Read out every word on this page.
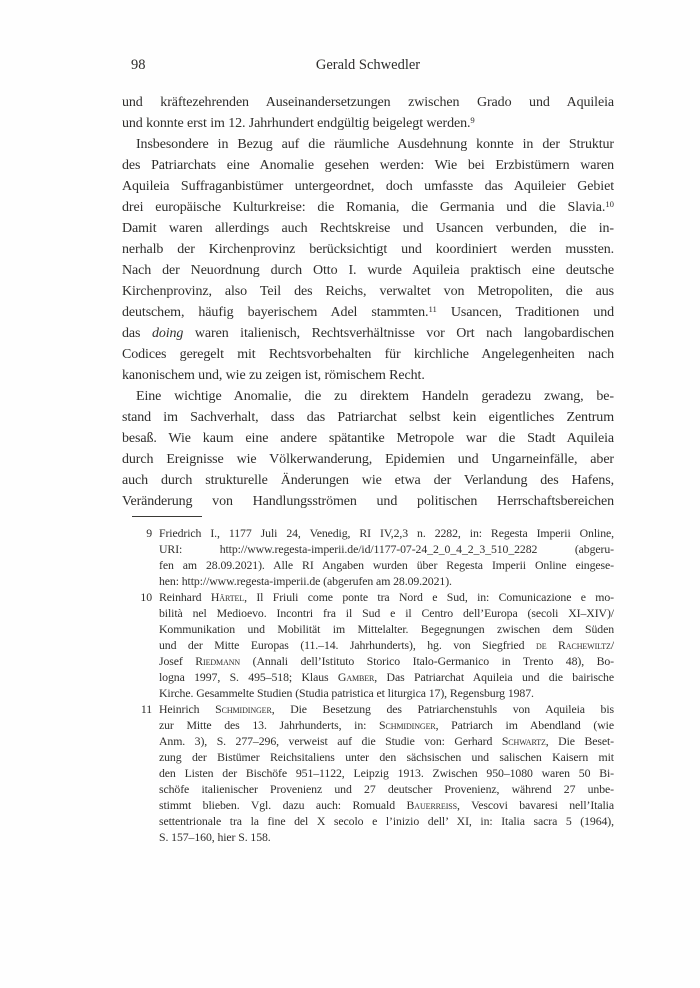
98	Gerald Schwedler
und kräftezehrenden Auseinandersetzungen zwischen Grado und Aquileia
und konnte erst im 12. Jahrhundert endgültig beigelegt werden.$^9$
Insbesondere in Bezug auf die räumliche Ausdehnung konnte in der Struktur
des Patriarchats eine Anomalie gesehen werden: Wie bei Erzbistümern waren
Aquileia Suffraganbistümer untergeordnet, doch umfasste das Aquileier Gebiet
drei europäische Kulturkreise: die Romania, die Germania und die Slavia.$^{10}$
Damit waren allerdings auch Rechtskreise und Usancen verbunden, die in-
nerhalb der Kirchenprovinz berücksichtigt und koordiniert werden mussten.
Nach der Neuordnung durch Otto I. wurde Aquileia praktisch eine deutsche
Kirchenprovinz, also Teil des Reichs, verwaltet von Metropoliten, die aus
deutschem, häufig bayerischem Adel stammten.$^{11}$ Usancen, Traditionen und
das doing waren italienisch, Rechtsverhältnisse vor Ort nach langobardischen
Codices geregelt mit Rechtsvorbehalten für kirchliche Angelegenheiten nach
kanonischem und, wie zu zeigen ist, römischem Recht.
Eine wichtige Anomalie, die zu direktem Handeln geradezu zwang, be-
stand im Sachverhalt, dass das Patriarchat selbst kein eigentliches Zentrum
besaß. Wie kaum eine andere spätantike Metropole war die Stadt Aquileia
durch Ereignisse wie Völkerwanderung, Epidemien und Ungarneinfälle, aber
auch durch strukturelle Änderungen wie etwa der Verlandung des Hafens,
Veränderung von Handlungsströmen und politischen Herrschaftsbereichen
9 Friedrich I., 1177 Juli 24, Venedig, RI IV,2,3 n. 2282, in: Regesta Imperii Online,
URI: http://www.regesta-imperii.de/id/1177-07-24_2_0_4_2_3_510_2282 (abgeru-
fen am 28.09.2021). Alle RI Angaben wurden über Regesta Imperii Online eingese-
hen: http://www.regesta-imperii.de (abgerufen am 28.09.2021).
10 Reinhard Härtel, Il Friuli come ponte tra Nord e Sud, in: Comunicazione e mo-
bilità nel Medioevo. Incontri fra il Sud e il Centro dell’Europa (secoli XI–XIV)/
Kommunikation und Mobilität im Mittelalter. Begegnungen zwischen dem Süden
und der Mitte Europas (11.–14. Jahrhunderts), hg. von Siegfried de Rachewiltz/
Josef Riedmann (Annali dell’Istituto Storico Italo-Germanico in Trento 48), Bo-
logna 1997, S. 495–518; Klaus Gamber, Das Patriarchat Aquileia und die bairische
Kirche. Gesammelte Studien (Studia patristica et liturgica 17), Regensburg 1987.
11 Heinrich Schmidinger, Die Besetzung des Patriarchenstuhls von Aquileia bis
zur Mitte des 13. Jahrhunderts, in: Schmidinger, Patriarch im Abendland (wie
Anm. 3), S. 277–296, verweist auf die Studie von: Gerhard Schwartz, Die Beset-
zung der Bistümer Reichsitaliens unter den sächsischen und salischen Kaisern mit
den Listen der Bischöfe 951–1122, Leipzig 1913. Zwischen 950–1080 waren 50 Bi-
schöfe italienischer Provenienz und 27 deutscher Provenienz, während 27 unbe-
stimmt blieben. Vgl. dazu auch: Romuald Bauerreiss, Vescovi bavaresi nell’Italia
settentrionale tra la fine del X secolo e l’inizio dell’ XI, in: Italia sacra 5 (1964),
S. 157–160, hier S. 158.
